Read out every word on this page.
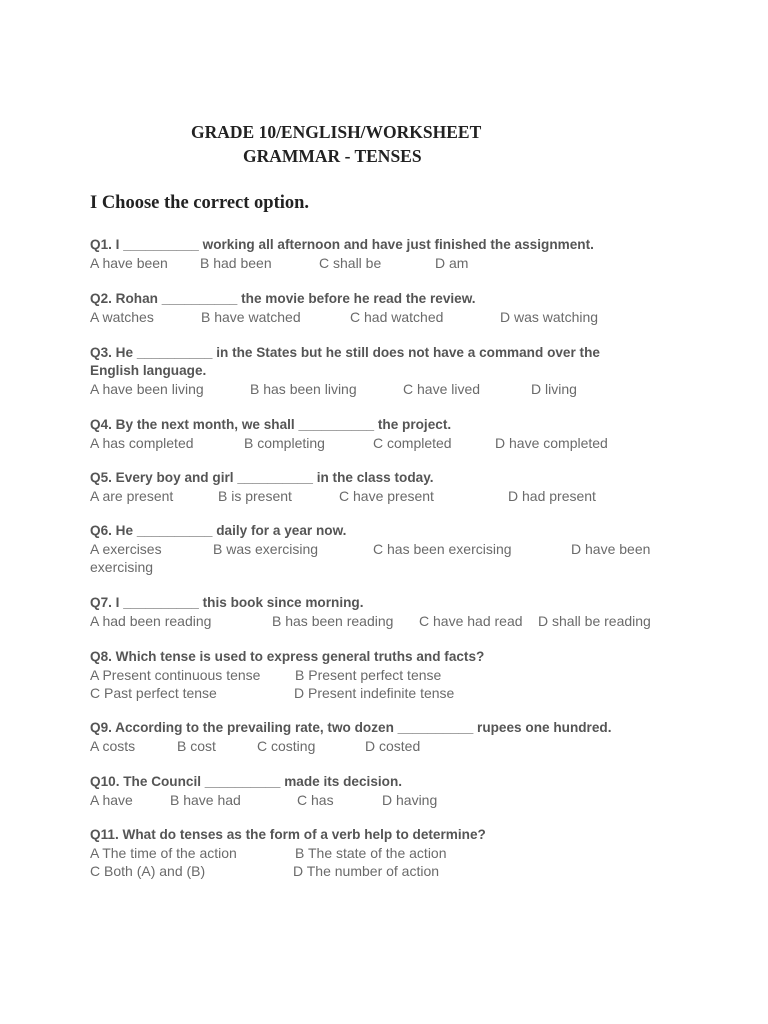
GRADE 10/ENGLISH/WORKSHEET
GRAMMAR - TENSES
I Choose the correct option.
Q1. I __________ working all afternoon and have just finished the assignment.
A have been B had been	C shall be	D am
Q2. Rohan __________ the movie before he read the review.
A watches	B have watched	C had watched	D was watching
Q3. He __________ in the States but he still does not have a command over the
English language.
A have been living	B has been living	C have lived	D living
Q4. By the next month, we shall __________ the project.
A has completed	B completing	C completed	D have completed
Q5. Every boy and girl __________ in the class today.
A are present	B is present	C have present	D had present
Q6. He __________ daily for a year now.
A exercises	B was exercising	C has been exercising	D have been
exercising
Q7. I __________ this book since morning.
A had been reading	B has been reading C have had read D shall be reading
Q8. Which tense is used to express general truths and facts?
A Present continuous tense B Present perfect tense
C Past perfect tense	D Present indefinite tense
Q9. According to the prevailing rate, two dozen __________ rupees one hundred.
A costs	B cost	C costing	D costed
Q10. The Council __________ made its decision.
A have	B have had	C has	D having
Q11. What do tenses as the form of a verb help to determine?
A The time of the action	B The state of the action
C Both (A) and (B)	D The number of action
